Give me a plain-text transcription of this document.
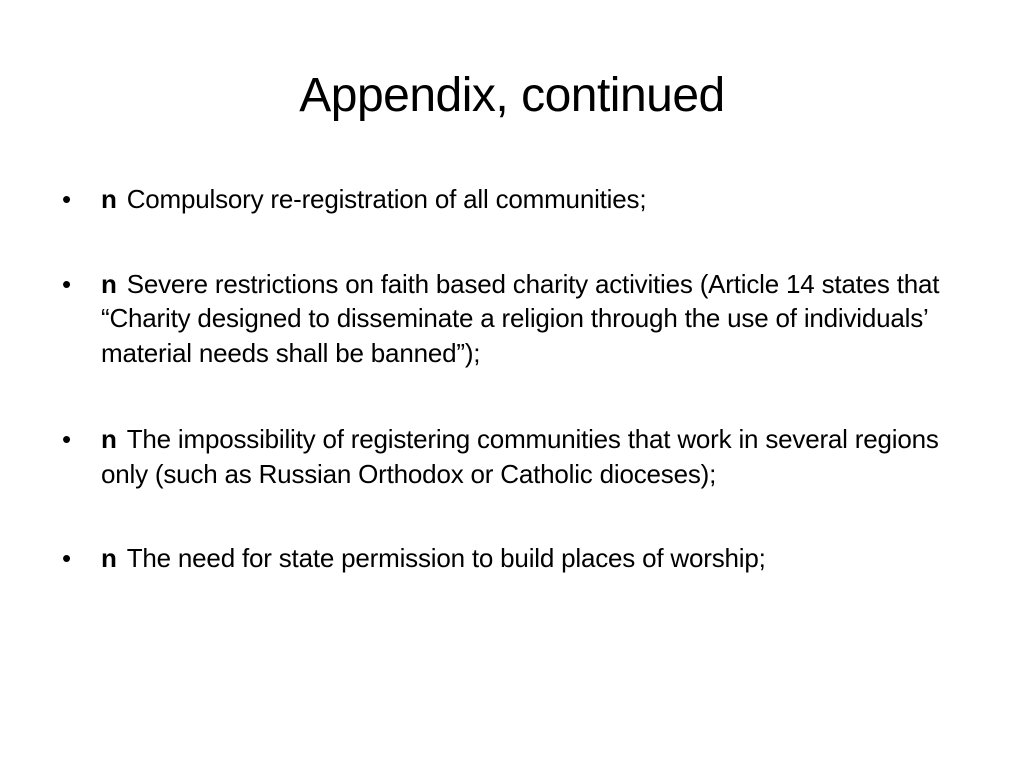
Appendix, continued
•	n Compulsory re-registration of all communities;
•	n Severe restrictions on faith based charity activities (Article 14 states that “Charity designed to disseminate a religion through the use of individuals’ material needs shall be banned”);
•	n The impossibility of registering communities that work in several regions only (such as Russian Orthodox or Catholic dioceses);
•	n The need for state permission to build places of worship;
